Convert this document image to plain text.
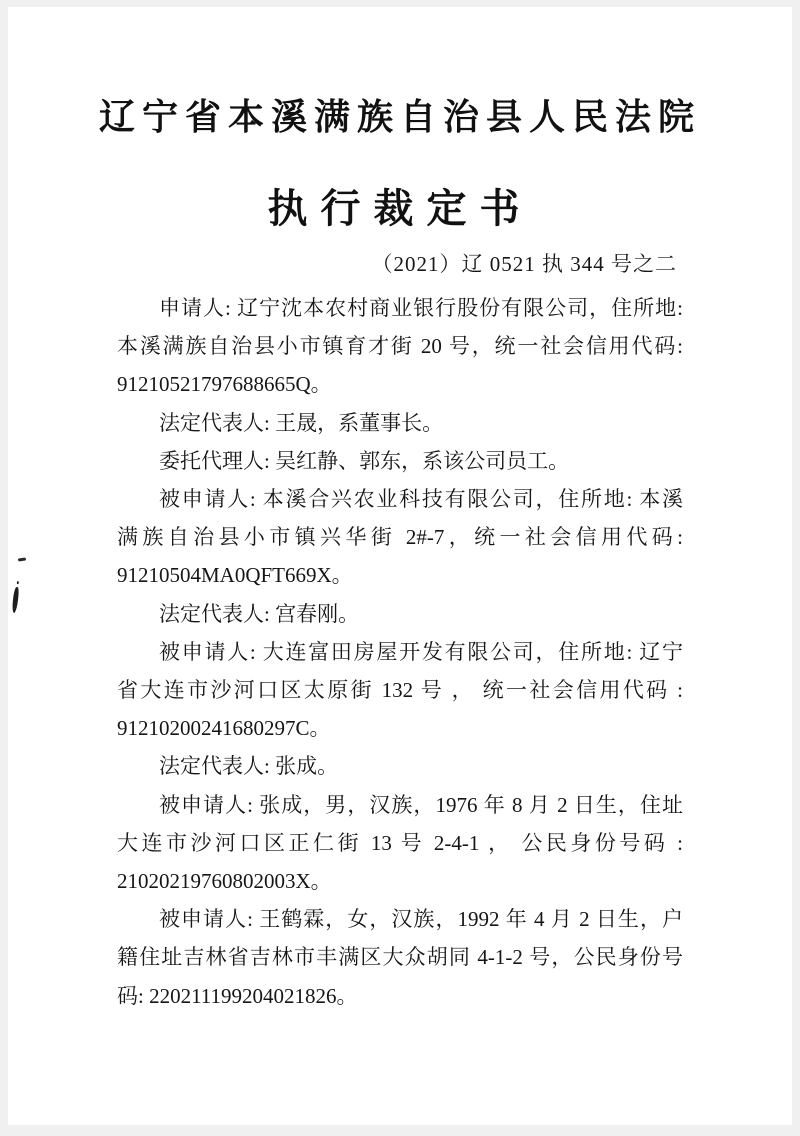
辽宁省本溪满族自治县人民法院
执行裁定书
（2021）辽 0521 执 344 号之二
申请人: 辽宁沈本农村商业银行股份有限公司，住所地:
本溪满族自治县小市镇育才街 20 号，统一社会信用代码:
91210521797688665Q。
法定代表人: 王晟，系董事长。
委托代理人: 吴红静、郭东，系该公司员工。
被申请人: 本溪合兴农业科技有限公司，住所地: 本溪
满族自治县小市镇兴华街 2#-7，统一社会信用代码:
91210504MA0QFT669X。
法定代表人: 宫春刚。
被申请人: 大连富田房屋开发有限公司，住所地: 辽宁
省大连市沙河口区太原街 132 号 ， 统一社会信用代码 :
91210200241680297C。
法定代表人: 张成。
被申请人: 张成，男，汉族，1976 年 8 月 2 日生，住址
大连市沙河口区正仁街 13 号 2-4-1 ， 公民身份号码 :
21020219760802003X。
被申请人: 王鹤霖，女，汉族，1992 年 4 月 2 日生，户
籍住址吉林省吉林市丰满区大众胡同 4-1-2 号，公民身份号
码: 220211199204021826。
